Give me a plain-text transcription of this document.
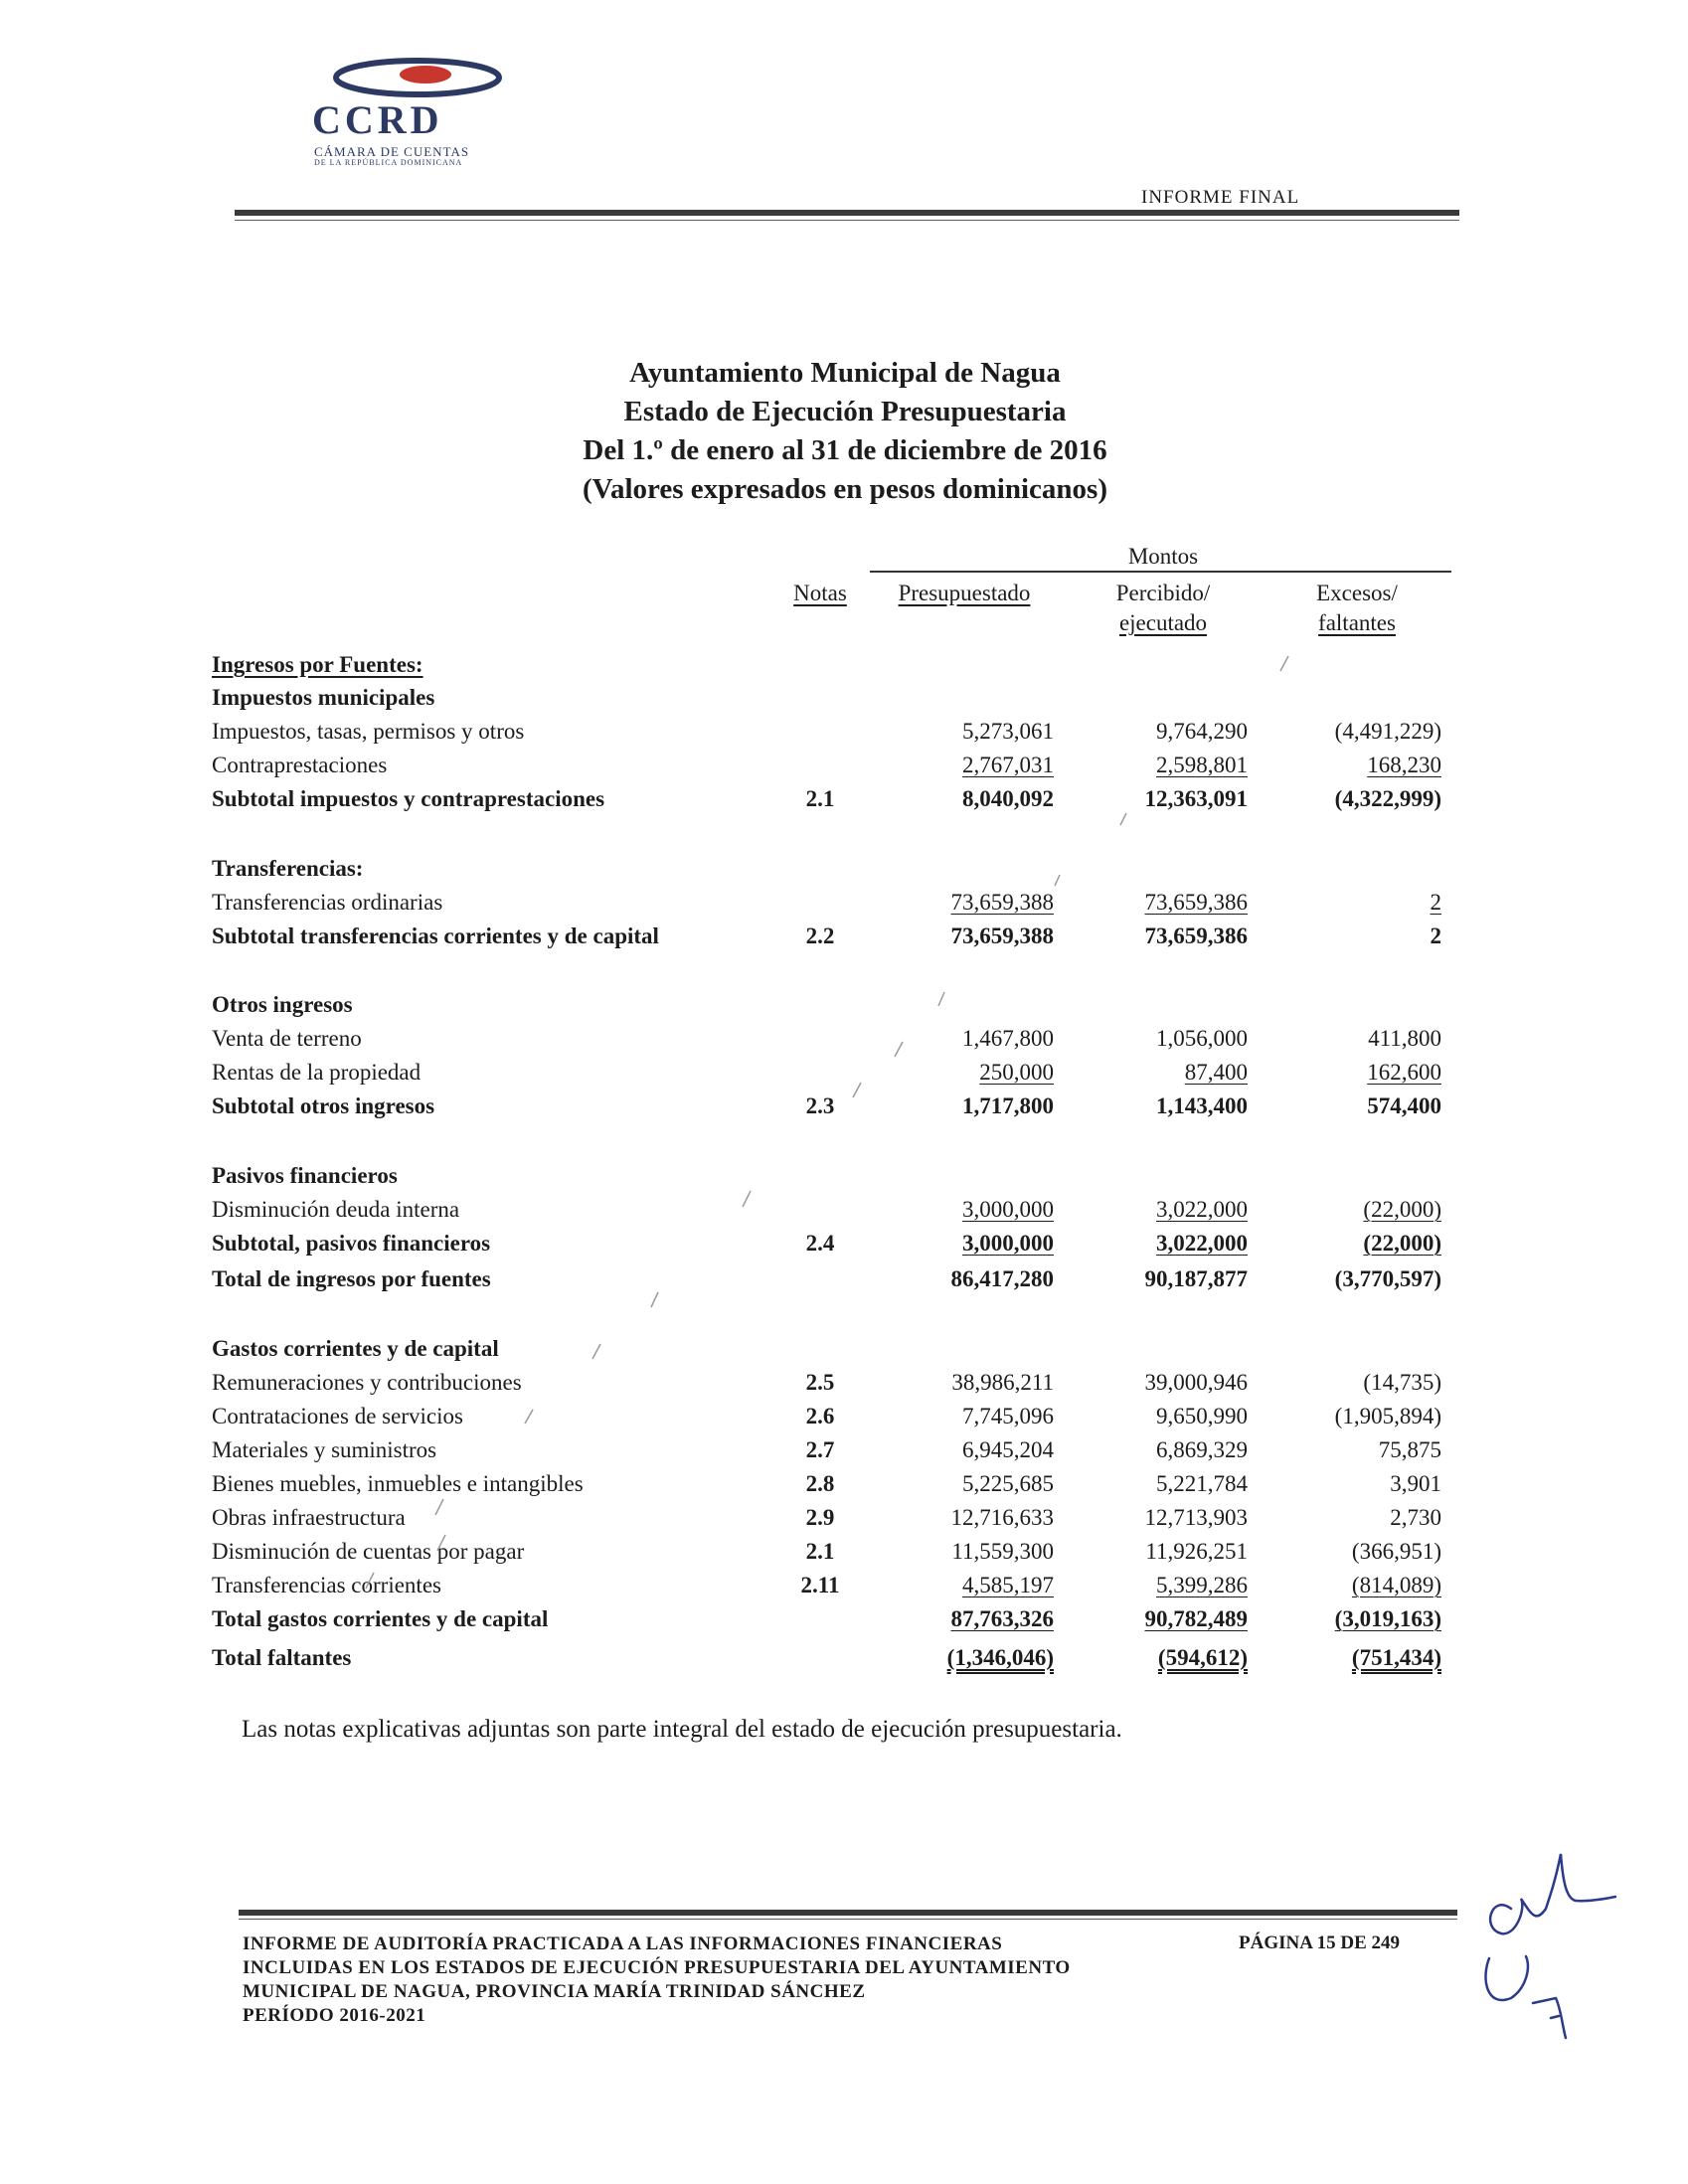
CCRD
CÁMARA DE CUENTAS
DE LA REPÚBLICA DOMINICANA
INFORME FINAL
Ayuntamiento Municipal de Nagua
Estado de Ejecución Presupuestaria
Del 1.º de enero al 31 de diciembre de 2016
(Valores expresados en pesos dominicanos)
Montos
Notas	Presupuestado	Percibido/
ejecutado
Excesos/
faltantes
Ingresos por Fuentes:
Impuestos municipales
Impuestos, tasas, permisos y otros	5,273,061	9,764,290	(4,491,229)
Contraprestaciones	2,767,031	2,598,801	168,230
Subtotal impuestos y contraprestaciones	2.1	8,040,092	12,363,091	(4,322,999)
Transferencias:
Transferencias ordinarias	73,659,388	73,659,386	2
Subtotal transferencias corrientes y de capital	2.2	73,659,388	73,659,386	2
Otros ingresos
Venta de terreno	1,467,800	1,056,000	411,800
Rentas de la propiedad	250,000	87,400	162,600
Subtotal otros ingresos	2.3	1,717,800	1,143,400	574,400
Pasivos financieros
Disminución deuda interna	3,000,000	3,022,000	(22,000)
Subtotal, pasivos financieros	2.4	3,000,000	3,022,000	(22,000)
Total de ingresos por fuentes	86,417,280	90,187,877	(3,770,597)
Gastos corrientes y de capital
Remuneraciones y contribuciones	2.5	38,986,211	39,000,946	(14,735)
Contrataciones de servicios	2.6	7,745,096	9,650,990	(1,905,894)
Materiales y suministros	2.7	6,945,204	6,869,329	75,875
Bienes muebles, inmuebles e intangibles	2.8	5,225,685	5,221,784	3,901
Obras infraestructura	2.9	12,716,633	12,713,903	2,730
Disminución de cuentas por pagar	2.1	11,559,300	11,926,251	(366,951)
Transferencias corrientes	2.11	4,585,197	5,399,286	(814,089)
Total gastos corrientes y de capital	87,763,326	90,782,489	(3,019,163)
Total faltantes	(1,346,046)	(594,612)	(751,434)
Las notas explicativas adjuntas son parte integral del estado de ejecución presupuestaria.
INFORME DE AUDITORÍA PRACTICADA A LAS INFORMACIONES FINANCIERAS
INCLUIDAS EN LOS ESTADOS DE EJECUCIÓN PRESUPUESTARIA DEL AYUNTAMIENTO
MUNICIPAL DE NAGUA, PROVINCIA MARÍA TRINIDAD SÁNCHEZ
PERÍODO 2016-2021
PÁGINA 15 DE 249
